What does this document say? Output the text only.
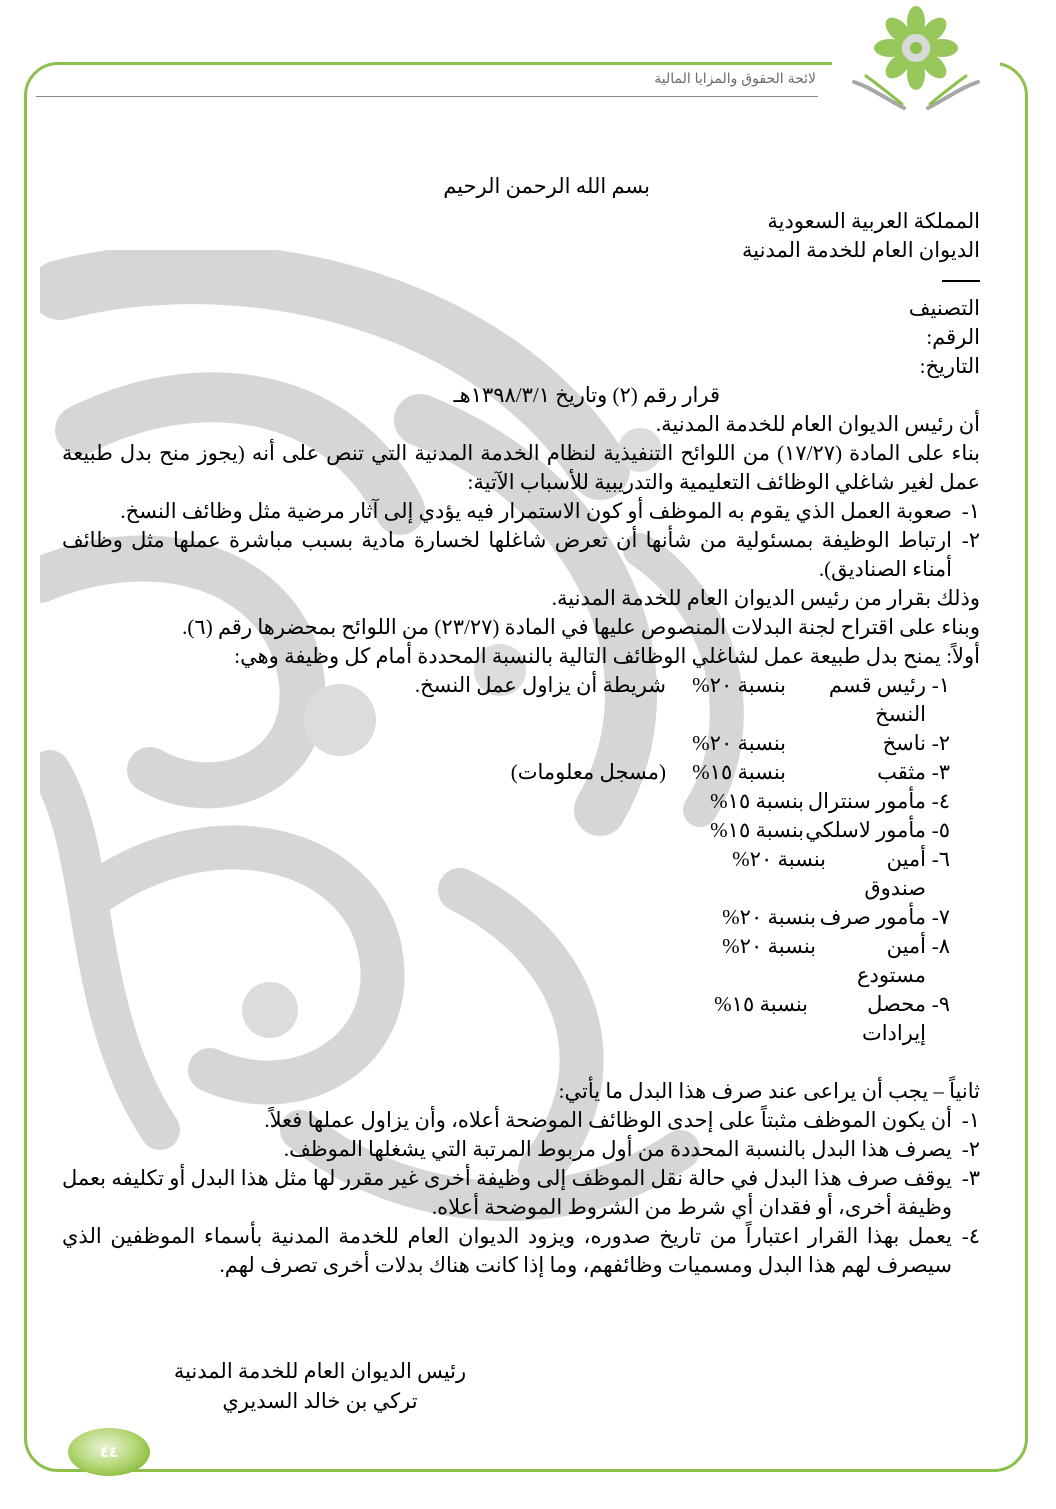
لائحة الحقوق والمزايا المالية

بسم الله الرحمن الرحيم

المملكة العربية السعودية

الديوان العام للخدمة المدنية

التصنيف

الرقم:

التاريخ:

قرار رقم (٢) وتاريخ ١٣٩٨/٣/١هـ

أن رئيس الديوان العام للخدمة المدنية.

بناء على المادة (١٧/٢٧) من اللوائح التنفيذية لنظام الخدمة المدنية التي تنص على أنه (يجوز منح بدل طبيعة عمل لغير شاغلي الوظائف التعليمية والتدريبية للأسباب الآتية:

١-
صعوبة العمل الذي يقوم به الموظف أو كون الاستمرار فيه يؤدي إلى آثار مرضية مثل وظائف النسخ.
٢-
ارتباط الوظيفة بمسئولية من شأنها أن تعرض شاغلها لخسارة مادية بسبب مباشرة عملها مثل وظائف أمناء الصناديق).

وذلك بقرار من رئيس الديوان العام للخدمة المدنية.

وبناء على اقتراح لجنة البدلات المنصوص عليها في المادة (٢٣/٢٧) من اللوائح بمحضرها رقم (٦).

أولاً: يمنح بدل طبيعة عمل لشاغلي الوظائف التالية بالنسبة المحددة أمام كل وظيفة وهي:

١-
رئيس قسم النسخ
بنسبة ٢٠%
شريطة أن يزاول عمل النسخ.
٢-
ناسخ
بنسبة ٢٠%
٣-
مثقب
بنسبة ١٥%
(مسجل معلومات)
٤-
مأمور سنترال
بنسبة ١٥%
٥-
مأمور لاسلكي
بنسبة ١٥%
٦-
أمين صندوق
بنسبة ٢٠%
٧-
مأمور صرف
بنسبة ٢٠%
٨-
أمين مستودع
بنسبة ٢٠%
٩-
محصل إيرادات
بنسبة ١٥%

ثانياً – يجب أن يراعى عند صرف هذا البدل ما يأتي:

١-
أن يكون الموظف مثبتاً على إحدى الوظائف الموضحة أعلاه، وأن يزاول عملها فعلاً.
٢-
يصرف هذا البدل بالنسبة المحددة من أول مربوط المرتبة التي يشغلها الموظف.
٣-
يوقف صرف هذا البدل في حالة نقل الموظف إلى وظيفة أخرى غير مقرر لها مثل هذا البدل أو تكليفه بعمل وظيفة أخرى، أو فقدان أي شرط من الشروط الموضحة أعلاه.
٤-
يعمل بهذا القرار اعتباراً من تاريخ صدوره، ويزود الديوان العام للخدمة المدنية بأسماء الموظفين الذي سيصرف لهم هذا البدل ومسميات وظائفهم، وما إذا كانت هناك بدلات أخرى تصرف لهم.
رئيس الديوان العام للخدمة المدنية
تركي بن خالد السديري
٤٤
